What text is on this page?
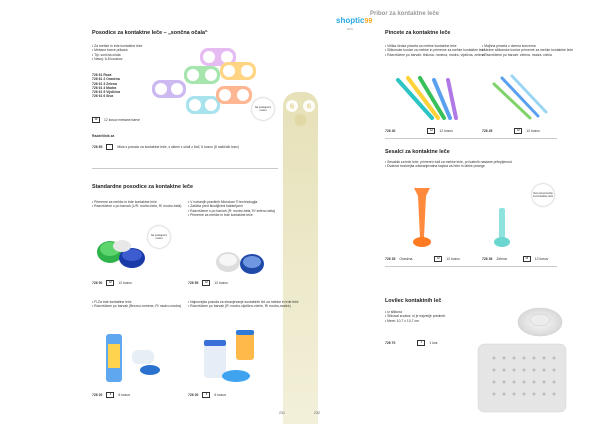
6 6
shoptic99
EKS
Pribor za kontaktne leče
Posodice za kontaktne leče – „sončna očala“
• Za mehke in trde kontaktne leče
• Mešane barve prikaza
• Tip: sončna očala
• Navoj: 6-8 korakov
726 61 Roza
726 61 2 Oranžna
726 61 3 Zelena
726 61 4 Modra
726 61 5 Vijolična
726 61 6 Siva
12	12 kosov mešane barve
Na prodajnem mestu
Razdelilnik za
726 65	Miza s posodo za kontaktne leče, s skleni z očali z 6x6, 6 kosov (6 različnih barv)
Standardne posodice za kontaktne leče
• Primerne za mehke in trde kontaktne leče
• Razvrščene s po barvah (L/R: mo/bo-bela, R/ modro-bela)
Na prodajnem mestu
726 50	12	12 kosov
• V notranjih pravilnih Microban ® technologija
• Zaščita pred škodljivimi bakterijami
• Razvrščene s po barvah (R: modro-bela, R/ zeleno-bela)
• Primerne za mehke in trde kontaktne leče
726 55	12	12 kosov
• Fl.Za trde kontaktne leče
• Razvrščene po barvah (Brezno-rumene, R/ modro-modra)
726 20	6	6 kosov
• Najnovejša posoda za shranjevanje kontaktnih leč za mehke in trde leče
• Razvrščene po barvah (R: modro-vijolično-rdeče, R/ modro-modra)
726 30	6	6 kosov
231
Pincete za kontaktne leče
• Velika široka pinceta za mehke kontaktne leče
• Silikonske konice za mehke in primerne za mehke kontaktne leče
• Razvrščene po barvah: tirkizna, rumena, modra, vijolična, zelena
• Majhna pinceta z dvema koncema
• Nežne silikonske konice primerne za mehke kontaktne leče
• Razvrščene po barvah: zelena, modra, rdeča
726 40	12	12 kosov	726 45	12	12 kosov
Sesalci za kontaktne leče
• Sesalnik za trde leče, primeren tudi za mehke leče, pri katerih nastane prilepljenost
• Dvakrat močnejša odstranjevalna kapica za hitre in lahke posege
Novi pripomoček za kontaktne leče
726 35 Oranžna	12	12 kosov	726 36 Zelena	12	12 kosov
Lovilec kontaktnih leč
• Iz silikona
• Slikoval zrcalce, ki je največje predmet
• Mere: 10,7 x 10,7 cm
726 70	1	1 kos
232
